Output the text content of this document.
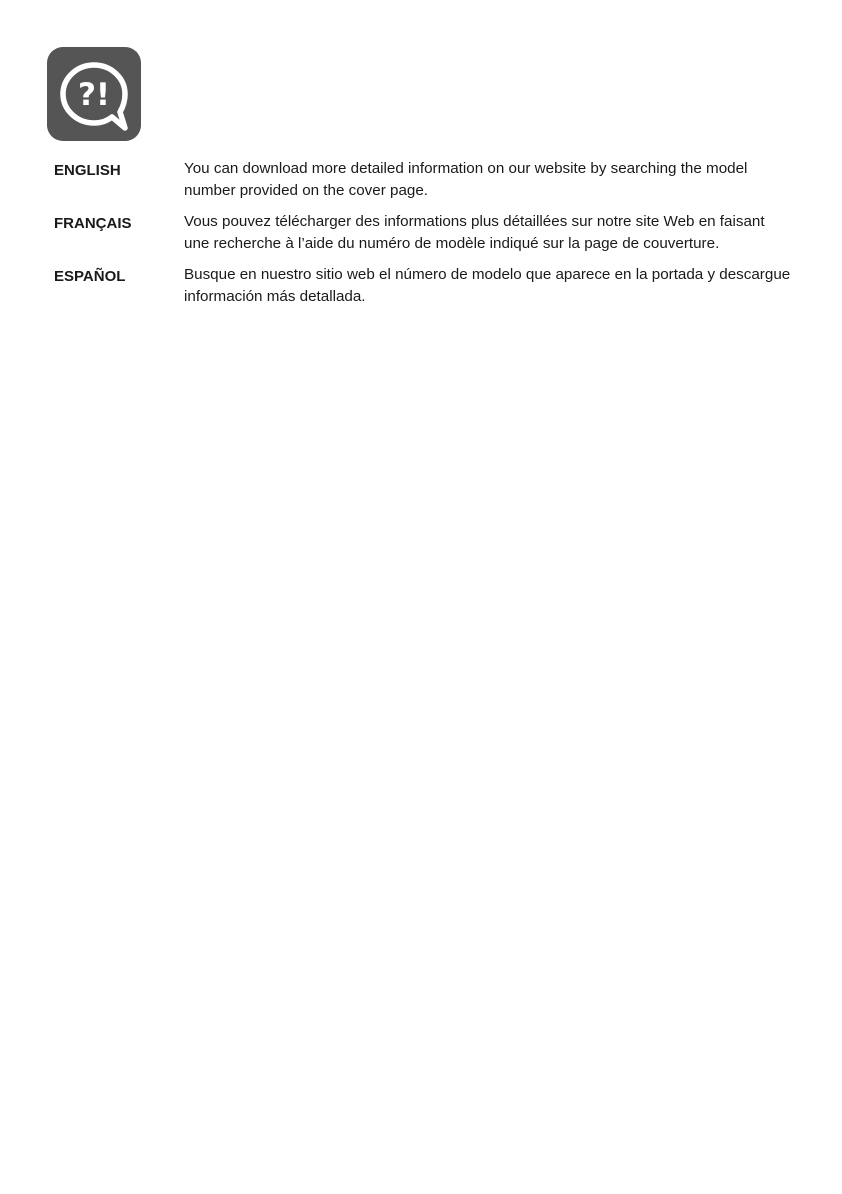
?!
ENGLISH	You can download more detailed information on our website by searching the model number provided on the cover page.
FRANÇAIS	Vous pouvez télécharger des informations plus détaillées sur notre site Web en faisant une recherche à l’aide du numéro de modèle indiqué sur la page de couverture.
ESPAÑOL	Busque en nuestro sitio web el número de modelo que aparece en la portada y descargue información más detallada.
